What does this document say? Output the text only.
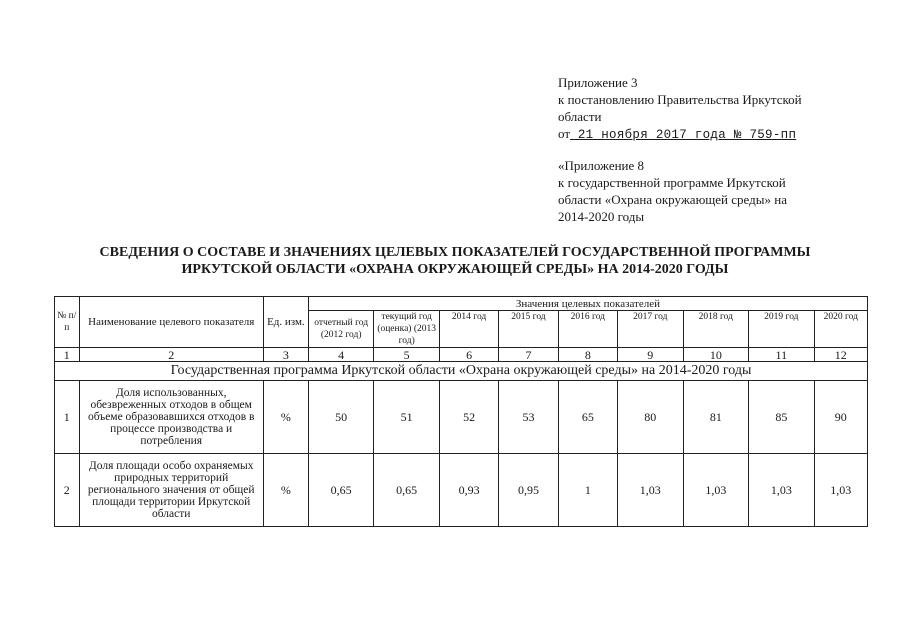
Приложение 3
к постановлению Правительства Иркутской
области
от 21 ноября 2017 года № 759-пп
«Приложение 8
к государственной программе Иркутской
области «Охрана окружающей среды» на
2014-2020 годы
СВЕДЕНИЯ О СОСТАВЕ И ЗНАЧЕНИЯХ ЦЕЛЕВЫХ ПОКАЗАТЕЛЕЙ ГОСУДАРСТВЕННОЙ ПРОГРАММЫ
ИРКУТСКОЙ ОБЛАСТИ «ОХРАНА ОКРУЖАЮЩЕЙ СРЕДЫ» НА 2014-2020 ГОДЫ
№ п/ п	Наименование целевого показателя	Ед. изм.	Значения целевых показателей								
			отчетный год (2012 год)	текущий год (оценка) (2013 год)	2014 год	2015 год	2016 год	2017 год	2018 год	2019 год	2020 год
1	2	3	4	5	6	7	8	9	10	11	12
Государственная программа Иркутской области «Охрана окружающей среды» на 2014-2020 годы											
1	Доля использованных, обезвреженных отходов в общем объеме образовавшихся отходов в процессе производства и потребления	%	50	51	52	53	65	80	81	85	90
2	Доля площади особо охраняемых природных территорий регионального значения от общей площади территории Иркутской области	%	0,65	0,65	0,93	0,95	1	1,03	1,03	1,03	1,03
